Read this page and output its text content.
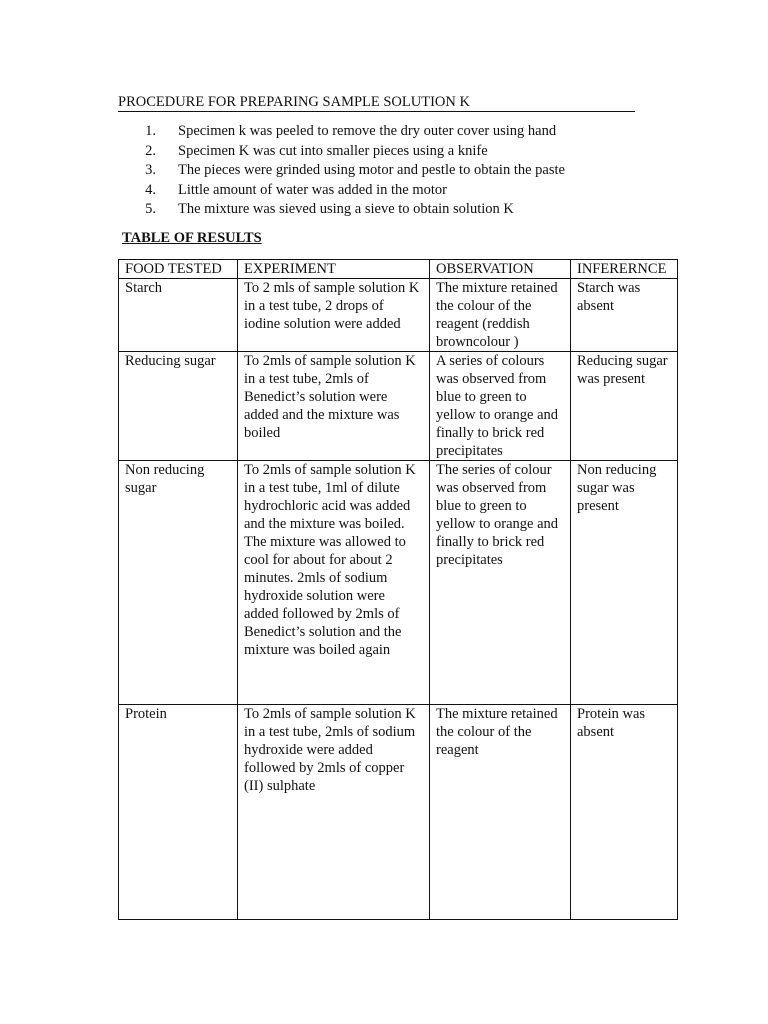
PROCEDURE FOR PREPARING SAMPLE SOLUTION K
1.	Specimen k was peeled to remove the dry outer cover using hand
2.	Specimen K was cut into smaller pieces using a knife
3.	The pieces were grinded using motor and pestle to obtain the paste
4.	Little amount of water was added in the motor
5.	The mixture was sieved using a sieve to obtain solution K
TABLE OF RESULTS
FOOD TESTED	EXPERIMENT	OBSERVATION	INFERERNCE
Starch	To 2 mls of sample solution K in a test tube, 2 drops of iodine solution were added	The mixture retained the colour of the reagent (reddish browncolour )	Starch was absent
Reducing sugar	To 2mls of sample solution K in a test tube, 2mls of Benedict’s solution were added and the mixture was boiled	A series of colours was observed from blue to green to yellow to orange and finally to brick red precipitates	Reducing sugar was present
Non reducing sugar	To 2mls of sample solution K in a test tube, 1ml of dilute hydrochloric acid was added and the mixture was boiled. The mixture was allowed to cool for about for about 2 minutes. 2mls of sodium hydroxide solution were added followed by 2mls of Benedict’s solution and the mixture was boiled again	The series of colour was observed from blue to green to yellow to orange and finally to brick red precipitates	Non reducing sugar was present
Protein	To 2mls of sample solution K in a test tube, 2mls of sodium hydroxide were added followed by 2mls of copper (II) sulphate	The mixture retained the colour of the reagent	Protein was absent
